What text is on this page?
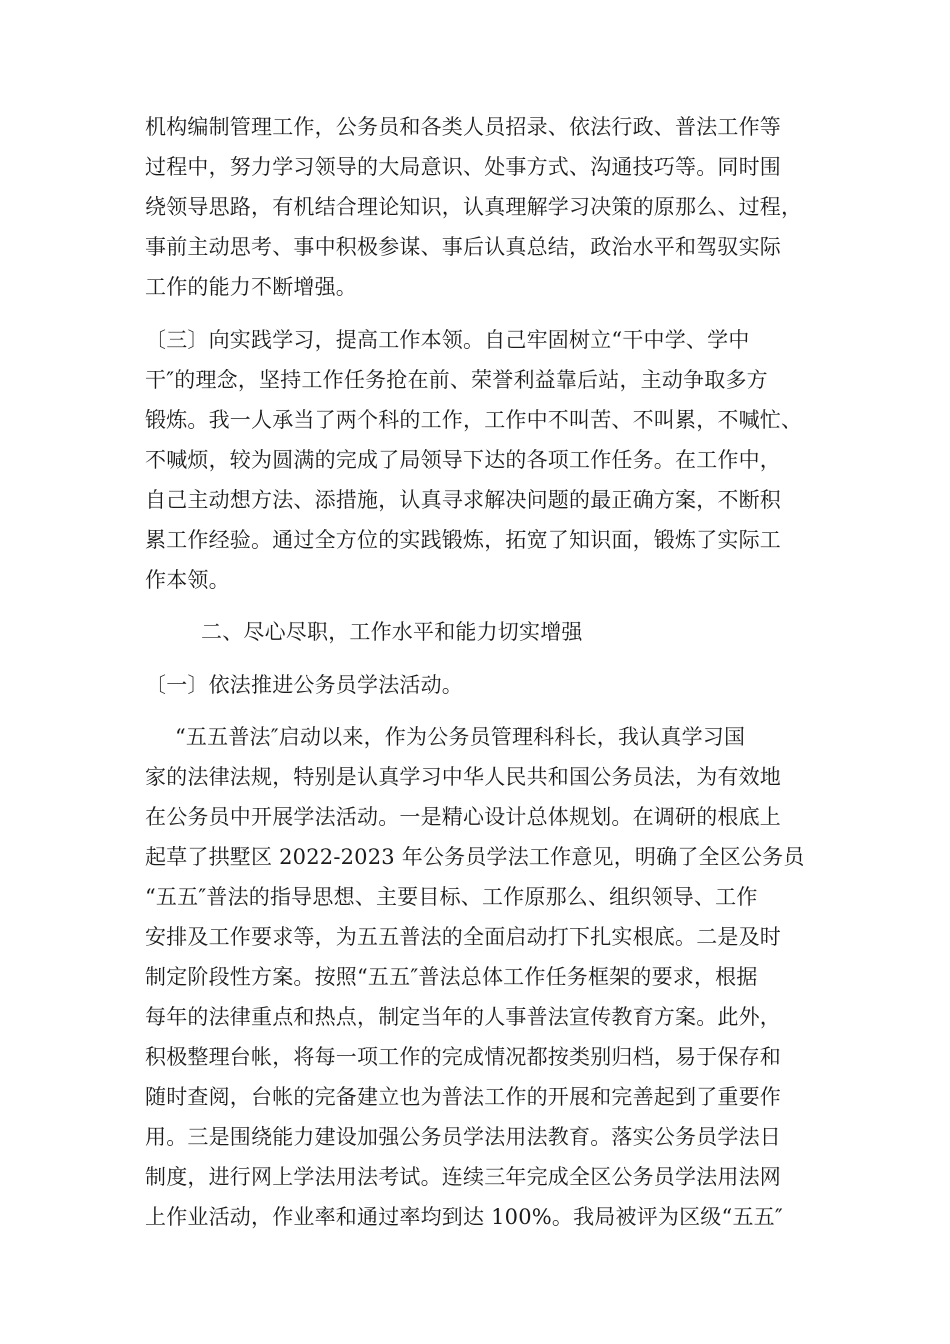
机构编制管理工作，公务员和各类人员招录、依法行政、普法工作等
过程中，努力学习领导的大局意识、处事方式、沟通技巧等。同时围
绕领导思路，有机结合理论知识，认真理解学习决策的原那么、过程，
事前主动思考、事中积极参谋、事后认真总结，政治水平和驾驭实际
工作的能力不断增强。
〔三〕向实践学习，提高工作本领。自己牢固树立“干中学、学中
干″的理念，坚持工作任务抢在前、荣誉利益靠后站，主动争取多方
锻炼。我一人承当了两个科的工作，工作中不叫苦、不叫累，不喊忙、
不喊烦，较为圆满的完成了局领导下达的各项工作任务。在工作中，
自己主动想方法、添措施，认真寻求解决问题的最正确方案，不断积
累工作经验。通过全方位的实践锻炼，拓宽了知识面，锻炼了实际工
作本领。
二、尽心尽职，工作水平和能力切实增强
〔一〕依法推进公务员学法活动。
“五五普法″启动以来，作为公务员管理科科长，我认真学习国
家的法律法规，特别是认真学习中华人民共和国公务员法，为有效地
在公务员中开展学法活动。一是精心设计总体规划。在调研的根底上
起草了拱墅区 2022-2023 年公务员学法工作意见，明确了全区公务员
“五五″普法的指导思想、主要目标、工作原那么、组织领导、工作
安排及工作要求等，为五五普法的全面启动打下扎实根底。二是及时
制定阶段性方案。按照“五五″普法总体工作任务框架的要求，根据
每年的法律重点和热点，制定当年的人事普法宣传教育方案。此外，
积极整理台帐，将每一项工作的完成情况都按类别归档，易于保存和
随时查阅，台帐的完备建立也为普法工作的开展和完善起到了重要作
用。三是围绕能力建设加强公务员学法用法教育。落实公务员学法日
制度，进行网上学法用法考试。连续三年完成全区公务员学法用法网
上作业活动，作业率和通过率均到达 100%。我局被评为区级“五五″
